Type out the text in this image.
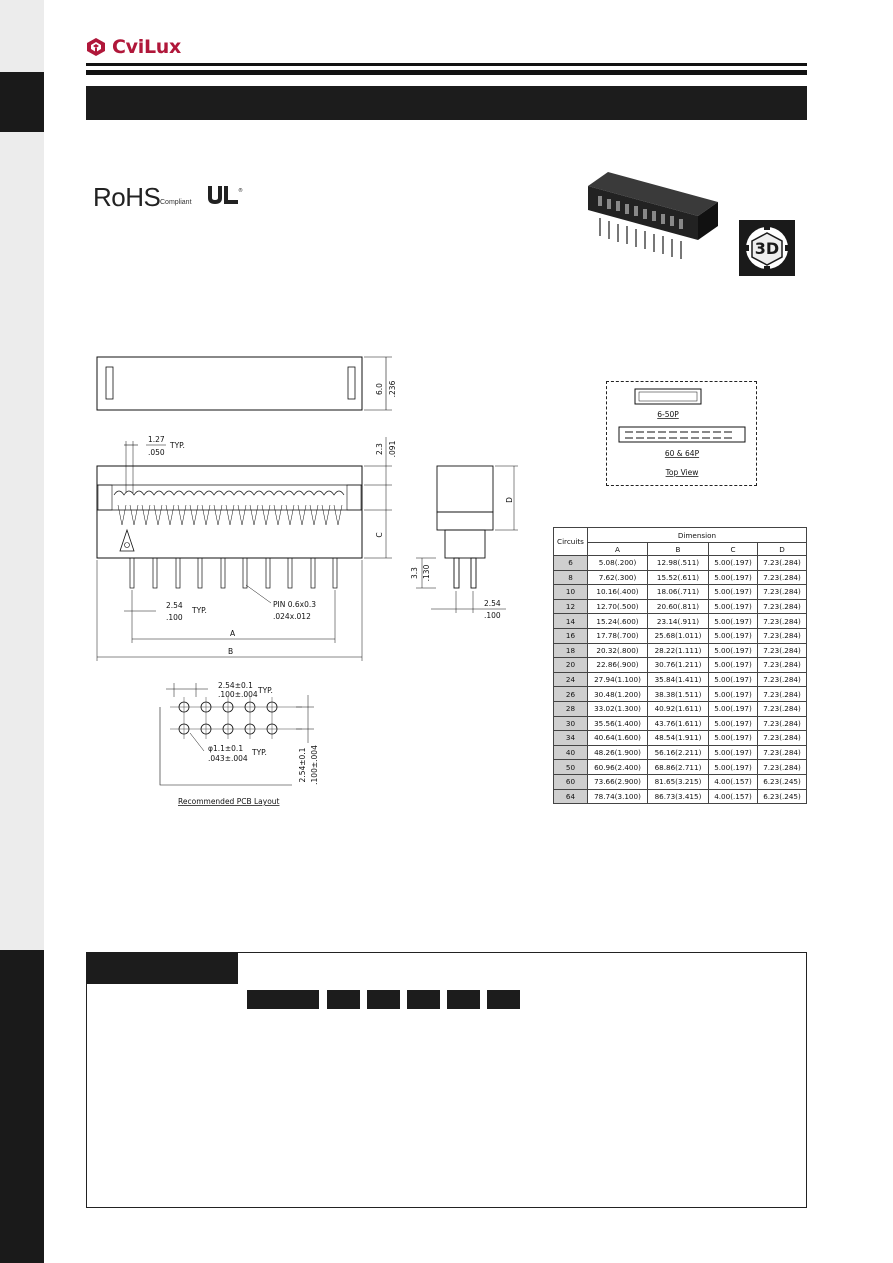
CviLux
RoHS Compliant
®
3D
6.0 .236
1.27
.050
TYP.	2.3 .091
C
2.54
TYP.
.100
PIN 0.6x0.3
.024x.012
A
B
D
3.3 .130
2.54
.100
2.54±0.1
TYP.
.100±.004
φ1.1±0.1 TYP.
.043±.004	2.54±0.1 .100±.004
Recommended PCB Layout
6-50P
60 & 64P
Top View
Circuits	Dimension			
	A	B	C	D
6	5.08(.200)	12.98(.511)	5.00(.197)	7.23(.284)
8	7.62(.300)	15.52(.611)	5.00(.197)	7.23(.284)
10	10.16(.400)	18.06(.711)	5.00(.197)	7.23(.284)
12	12.70(.500)	20.60(.811)	5.00(.197)	7.23(.284)
14	15.24(.600)	23.14(.911)	5.00(.197)	7.23(.284)
16	17.78(.700)	25.68(1.011)	5.00(.197)	7.23(.284)
18	20.32(.800)	28.22(1.111)	5.00(.197)	7.23(.284)
20	22.86(.900)	30.76(1.211)	5.00(.197)	7.23(.284)
24	27.94(1.100)	35.84(1.411)	5.00(.197)	7.23(.284)
26	30.48(1.200)	38.38(1.511)	5.00(.197)	7.23(.284)
28	33.02(1.300)	40.92(1.611)	5.00(.197)	7.23(.284)
30	35.56(1.400)	43.76(1.611)	5.00(.197)	7.23(.284)
34	40.64(1.600)	48.54(1.911)	5.00(.197)	7.23(.284)
40	48.26(1.900)	56.16(2.211)	5.00(.197)	7.23(.284)
50	60.96(2.400)	68.86(2.711)	5.00(.197)	7.23(.284)
60	73.66(2.900)	81.65(3.215)	4.00(.157)	6.23(.245)
64	78.74(3.100)	86.73(3.415)	4.00(.157)	6.23(.245)
